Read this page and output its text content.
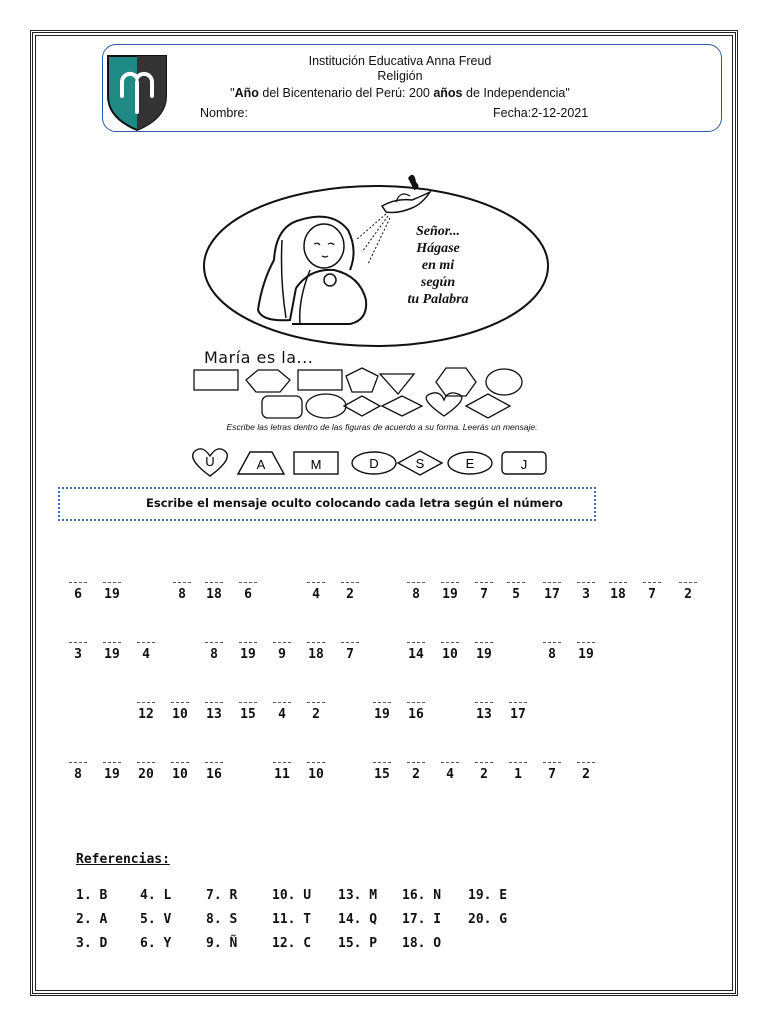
Institución Educativa Anna Freud
Religión
"Año del Bicentenario del Perú: 200 años de Independencia"
Nombre:	Fecha:2-12-2021
Señor...
Hágase
en mi
según
tu Palabra
María es la...
Escribe las letras dentro de las figuras de acuerdo a su forma. Leerás un mensaje.
U	A	M	D	S	E	J
Escribe el mensaje oculto colocando cada letra según el número
6	19	8	18	6	4	2	8	19	7	5	17	3	18	7	2
3	19	4	8	19	9	18	7	14	10	19	8	19
12	10	13	15	4	2	19	16	13	17
8	19	20	10	16	11	10	15	2	4	2	1	7	2
Referencias:
1. B	4. L	7. R	10. U 13. M 16. N 19. E
2. A	5. V	8. S	11. T 14. Q 17. I 20. G
3. D	6. Y	9. Ñ	12. C 15. P 18. O
